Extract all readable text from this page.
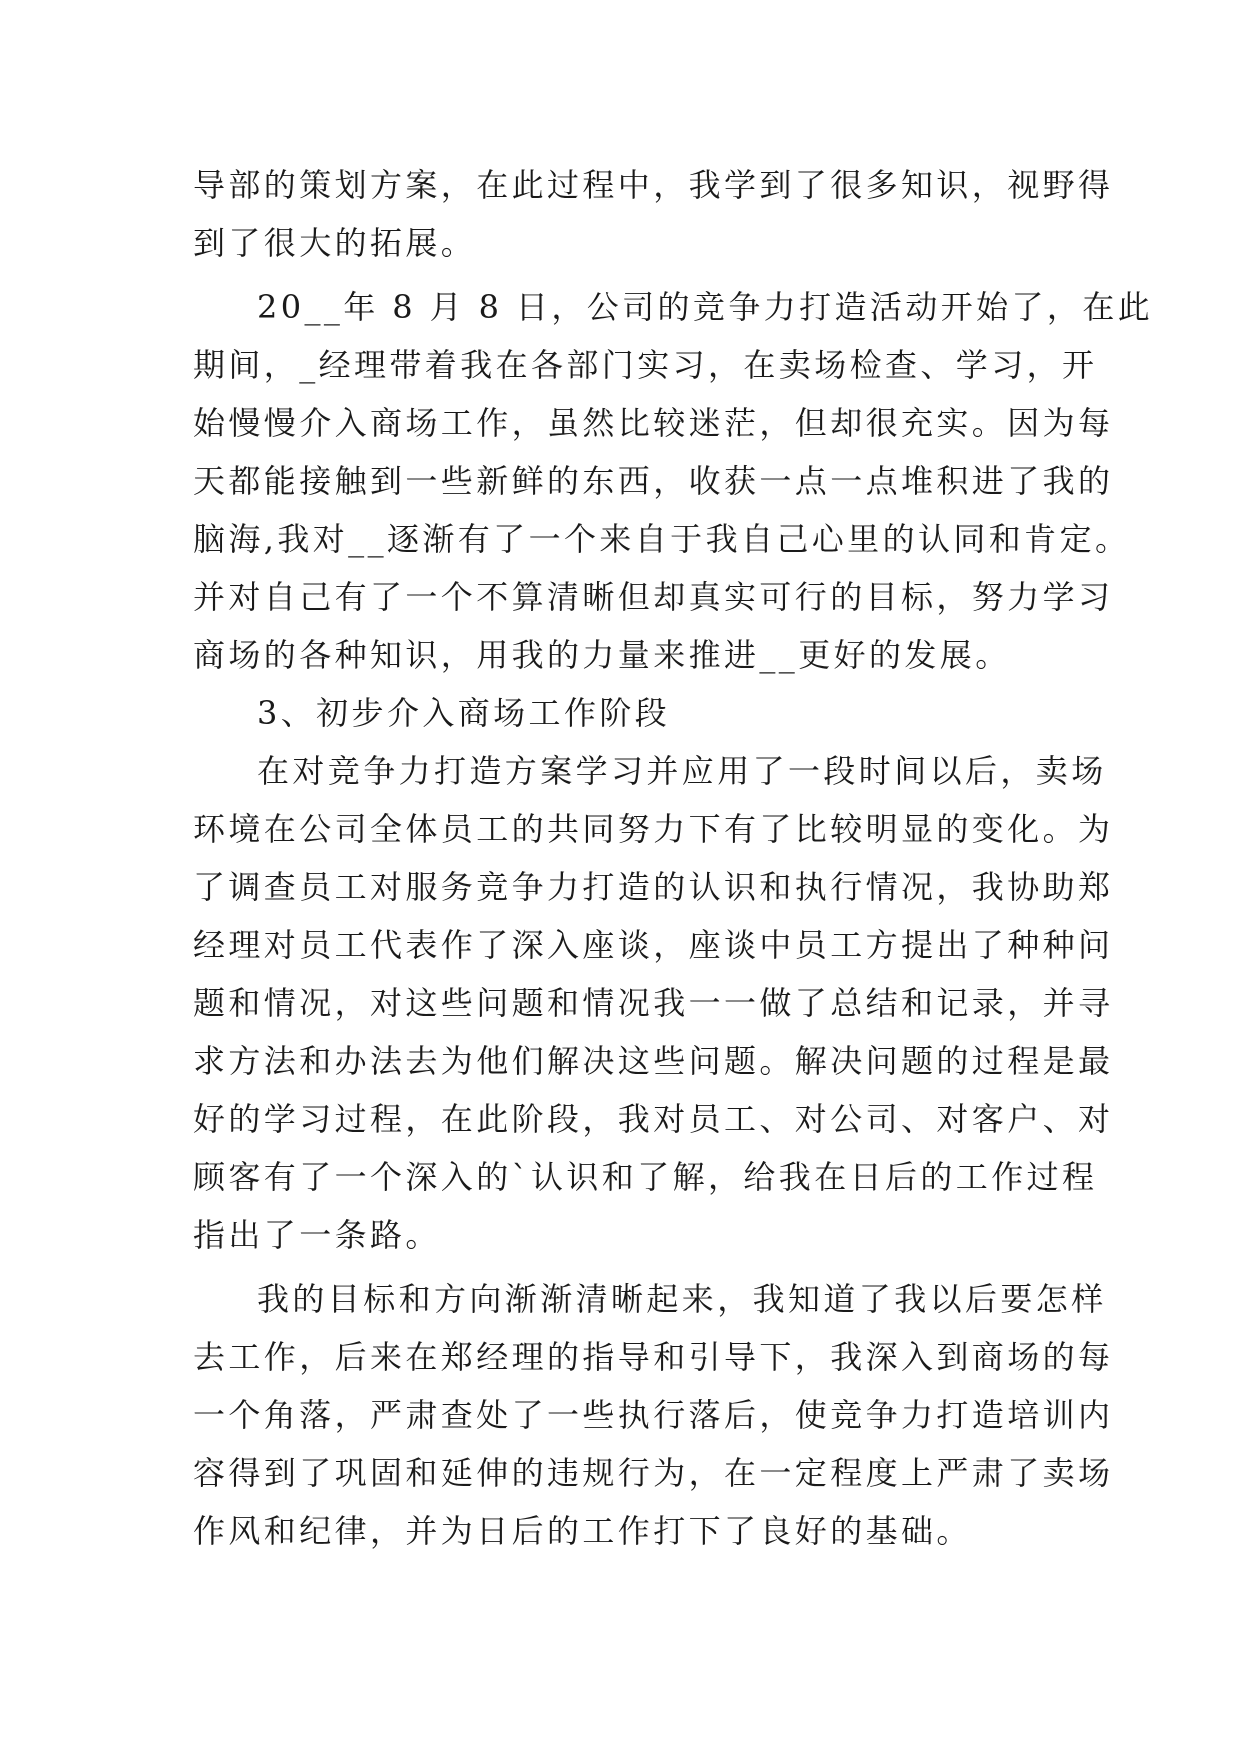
导部的策划方案，在此过程中，我学到了很多知识，视野得
到了很大的拓展。
20__年 8 月 8 日，公司的竞争力打造活动开始了，在此
期间，_经理带着我在各部门实习，在卖场检查、学习，开
始慢慢介入商场工作，虽然比较迷茫，但却很充实。因为每
天都能接触到一些新鲜的东西，收获一点一点堆积进了我的
脑海,我对__逐渐有了一个来自于我自己心里的认同和肯定。
并对自己有了一个不算清晰但却真实可行的目标，努力学习
商场的各种知识，用我的力量来推进__更好的发展。
3、初步介入商场工作阶段
在对竞争力打造方案学习并应用了一段时间以后，卖场
环境在公司全体员工的共同努力下有了比较明显的变化。为
了调查员工对服务竞争力打造的认识和执行情况，我协助郑
经理对员工代表作了深入座谈，座谈中员工方提出了种种问
题和情况，对这些问题和情况我一一做了总结和记录，并寻
求方法和办法去为他们解决这些问题。解决问题的过程是最
好的学习过程，在此阶段，我对员工、对公司、对客户、对
顾客有了一个深入的`认识和了解，给我在日后的工作过程
指出了一条路。
我的目标和方向渐渐清晰起来，我知道了我以后要怎样
去工作，后来在郑经理的指导和引导下，我深入到商场的每
一个角落，严肃查处了一些执行落后，使竞争力打造培训内
容得到了巩固和延伸的违规行为，在一定程度上严肃了卖场
作风和纪律，并为日后的工作打下了良好的基础。
